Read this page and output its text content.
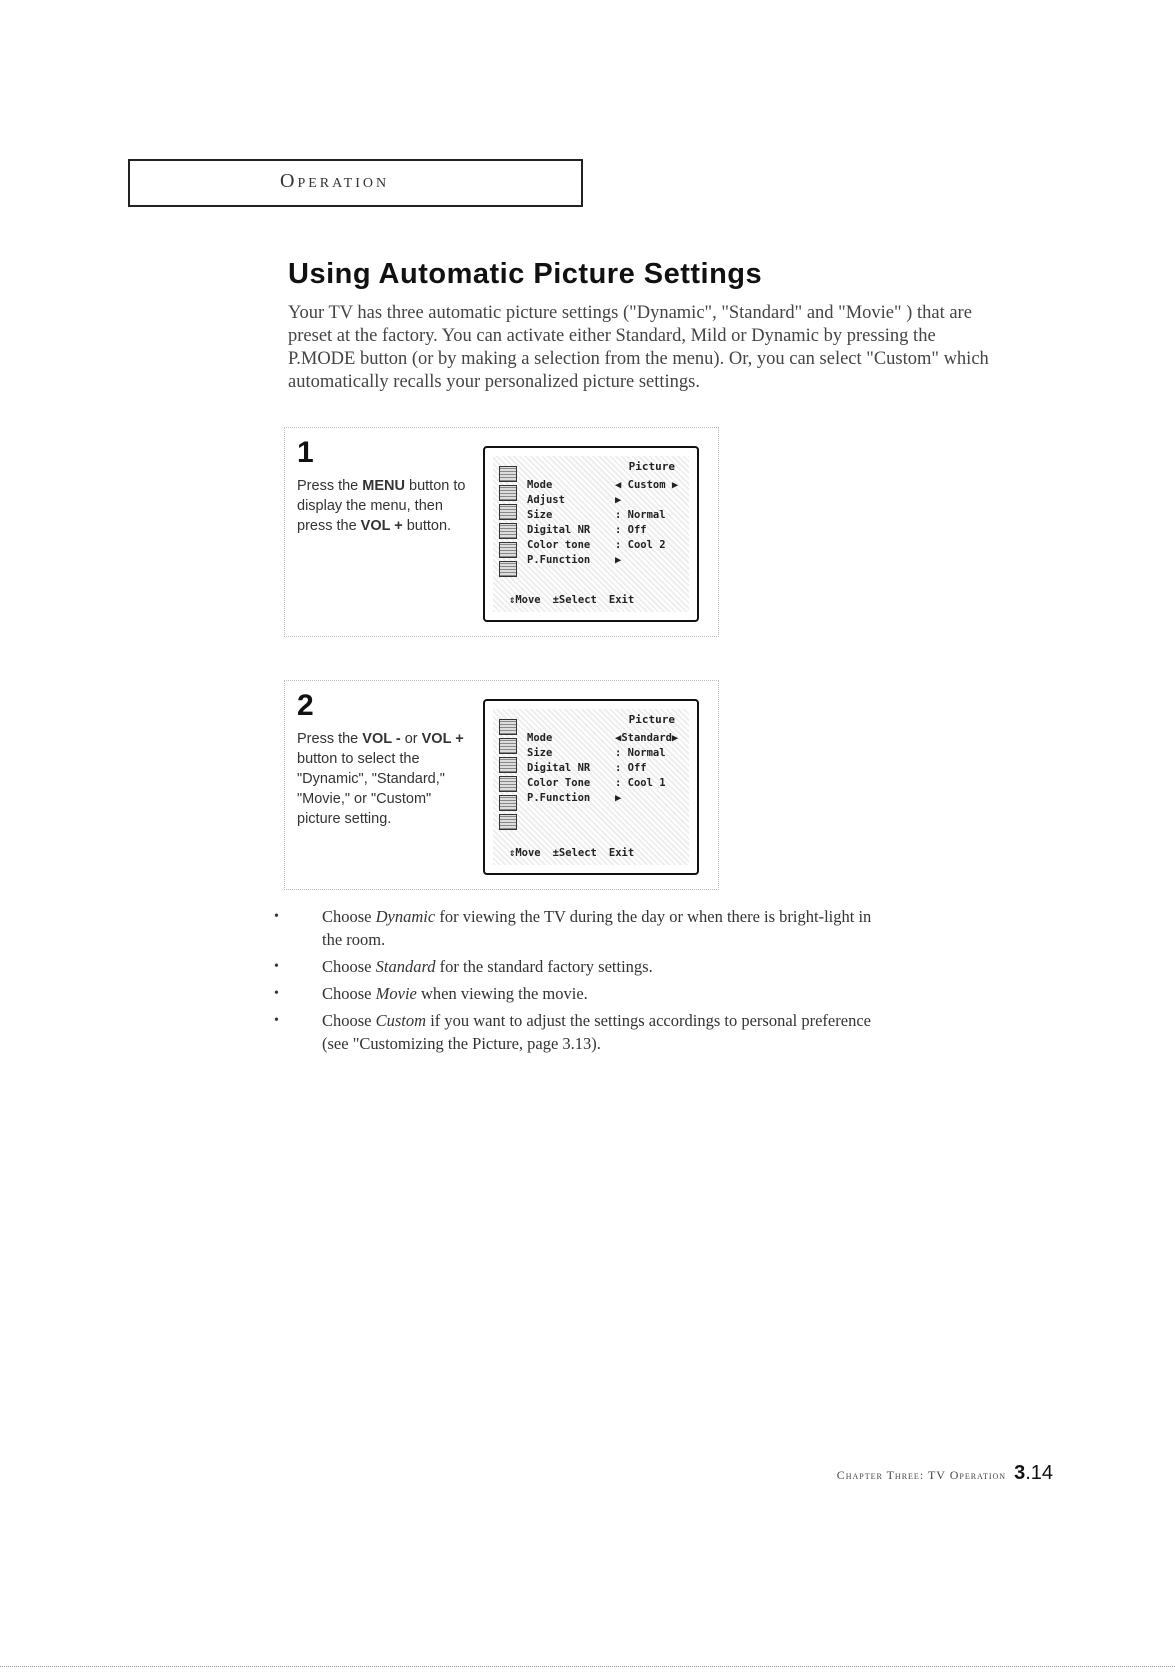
Operation
Using Automatic Picture Settings

Your TV has three automatic picture settings ("Dynamic", "Standard" and "Movie" ) that are preset at the factory. You can activate either Standard, Mild or Dynamic by pressing the P.MODE button (or by making a selection from the menu). Or, you can select "Custom" which automatically recalls your personalized picture settings.

1
Press the MENU button to display the menu, then press the VOL + button.
Picture
Mode	◀ Custom ▶
Adjust	▶
Size	: Normal
Digital NR : Off
Color tone : Cool 2
P.Function ▶
⇕Move ±Select Exit
2
Press the VOL - or VOL + button to select the "Dynamic", "Standard," "Movie," or "Custom" picture setting.
Picture
Mode	◀Standard▶
Size	: Normal
Digital NR : Off
Color Tone : Cool 1
P.Function ▶
⇕Move ±Select Exit
• Choose Dynamic for viewing the TV during the day or when there is bright-light in the room.
• Choose Standard for the standard factory settings.
• Choose Movie when viewing the movie.
• Choose Custom if you want to adjust the settings accordings to personal preference (see "Customizing the Picture, page 3.13).
Chapter Three: TV Operation 3.14
